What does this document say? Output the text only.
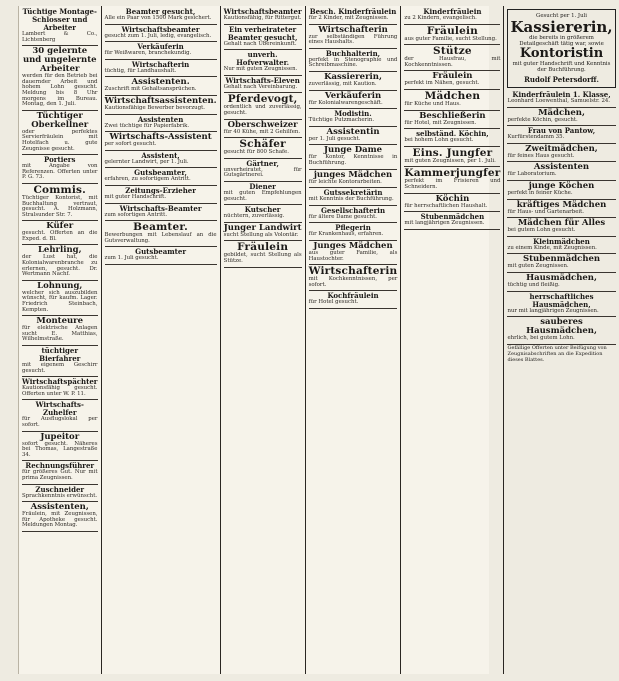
Tüchtige Montage-Schlosser und Arbeiter
Lambert & Co., Lichtenberg
30 gelernte und ungelernte Arbeiter
werden für den Betrieb bei dauernder Arbeit und hohem Lohn gesucht. Meldung bis 8 Uhr morgens im Bureau. Montag, den 1. Juli.
Tüchtiger Oberkellner
oder perfektes Servierfräulein mit Hotelfach u. gute Zeugnisse gesucht.
Portiers
mit Angabe von Referenzen. Offerten unter P. G. 73.
Commis.
Tüchtiger Kontorist, mit Buchhaltung vertraut, gesucht. A. Holzmann, Stralsunder Str. 7.
Küfer
gesucht. Offerten an die Exped. d. Bl.
Lehrling,
der Lust hat, die Kolonialwarenbranche zu erlernen, gesucht. Dr. Wertmann Nachf.
Lohnung,
welcher sich auszubilden wünscht, für kaufm. Lager. Friedrich Steinbach, Kempten.
Monteure
für elektrische Anlagen sucht E. Matthias, Wilhelmstraße.
tüchtiger Bierfahrer
mit eigenem Geschirr gesucht.
Wirtschaftspächter
Kautionsfähig gesucht. Offerten unter W. P. 11.
Wirtschafts-Zuhelfer
für Ausflugslokal per sofort.
Jupeitor
sofort gesucht. Näheres bei Thomas, Langestraße 34.
Rechnungsführer
für größeres Gut. Nur mit prima Zeugnissen.
Zuschneider
Sprachkenntnis erwünscht.
Assistenten,
Fräulein, mit Zeugnissen, für Apotheke gesucht. Meldungen Montag.
Beamter gesucht,
Alle ein Paar von 1500 Mark gesichert.
Wirtschaftsbeamter
gesucht zum 1. Juli, ledig, evangelisch.
Verkäuferin
für Weißwaren, branchekundig.
Wirtschafterin
tüchtig, für Landhaushalt.
Assistenten.
Zuschrift mit Gehaltsansprüchen.
Wirtschaftsassistenten.
Kautionsfähige Bewerber bevorzugt.
Assistenten
Zwei tüchtige für Papierfabrik.
Wirtschafts-Assistent
per sofort gesucht.
Assistent,
gelernter Landwirt, per 1. Juli.
Gutsbeamter,
erfahren, zu sofortigem Antritt.
Zeitungs-Erzieher
mit guter Handschrift.
Wirtschafts-Beamter
zum sofortigen Antritt.
Beamter.
Bewerbungen mit Lebenslauf an die Gutsverwaltung.
Gutsbeamter
zum 1. Juli gesucht.
Wirtschaftsbeamter
Kautionsfähig, für Rittergut.
Ein verheirateter Beamter gesucht,
Gehalt nach Übereinkunft.
unverh. Hofverwalter.
Nur mit guten Zeugnissen.
Wirtschafts-Eleven
Gehalt nach Vereinbarung.
Pferdevogt,
ordentlich und zuverlässig, gesucht.
Oberschweizer
für 40 Kühe, mit 2 Gehilfen.
Schäfer
gesucht für 800 Schafe.
Gärtner,
unverheiratet, für Gutsgärtnerei.
Diener
mit guten Empfehlungen gesucht.
Kutscher
nüchtern, zuverlässig.
Junger Landwirt
sucht Stellung als Volontär.
Fräulein
gebildet, sucht Stellung als Stütze.
Besch. Kinderfräulein
für 2 Kinder, mit Zeugnissen.
Wirtschafterin
zur selbständigen Führung eines Haushalts.
Buchhalterin,
perfekt in Stenographie und Schreibmaschine.
Kassiererin,
zuverlässig, mit Kaution.
Verkäuferin
für Kolonialwarengeschäft.
Modistin.
Tüchtige Putzmacherin.
Assistentin
per 1. Juli gesucht.
Junge Dame
für Kontor, Kenntnisse in Buchführung.
junges Mädchen
für leichte Kontorarbeiten.
Gutssekretärin
mit Kenntnis der Buchführung.
Gesellschafterin
für ältere Dame gesucht.
Pflegerin
für Krankenhaus, erfahren.
Junges Mädchen
aus guter Familie, als Haustochter.
Wirtschafterin
mit Kochkenntnissen, per sofort.
Kochfräulein
für Hotel gesucht.
Kinderfräulein
zu 2 Kindern, evangelisch.
Fräulein
aus guter Familie, sucht Stellung.
Stütze
der Hausfrau, mit Kochkenntnissen.
Fräulein
perfekt im Nähen, gesucht.
Mädchen
für Küche und Haus.
Beschließerin
für Hotel, mit Zeugnissen.
selbständ. Köchin,
bei hohem Lohn gesucht.
Eins. Jungfer
mit guten Zeugnissen, per 1. Juli.
Kammerjungfer
perfekt im Frisieren und Schneidern.
Köchin
für herrschaftlichen Haushalt.
Stubenmädchen
mit langjährigen Zeugnissen.
Gesucht per 1. Juli
Kassiererin,
die bereits in größerem Detailgeschäft tätig war, sowie
Kontoristin
mit guter Handschrift und Kenntnis der Buchführung.
Rudolf Petersdorff.
Kinderfräulein 1. Klasse,
Leonhard Loewenthal, Samuelstr. 24.
Mädchen,
perfekte Köchin, gesucht.
Frau von Pantow,
Kurfürstendamm 35.
Zweitmädchen,
für feines Haus gesucht.
Assistenten
für Laboratorium.
junge Köchen
perfekt in feiner Küche.
kräftiges Mädchen
für Haus- und Gartenarbeit.
Mädchen für Alles
bei gutem Lohn gesucht.
Kleinmädchen
zu einem Kinde, mit Zeugnissen.
Stubenmädchen
mit guten Zeugnissen.
Hausmädchen,
tüchtig und fleißig.
herrschaftliches Hausmädchen,
nur mit langjährigen Zeugnissen.
sauberes Hausmädchen,
ehrlich, bei gutem Lohn.
Gefällige Offerten unter Beifügung von Zeugnisabschriften an die Expedition dieses Blattes.
